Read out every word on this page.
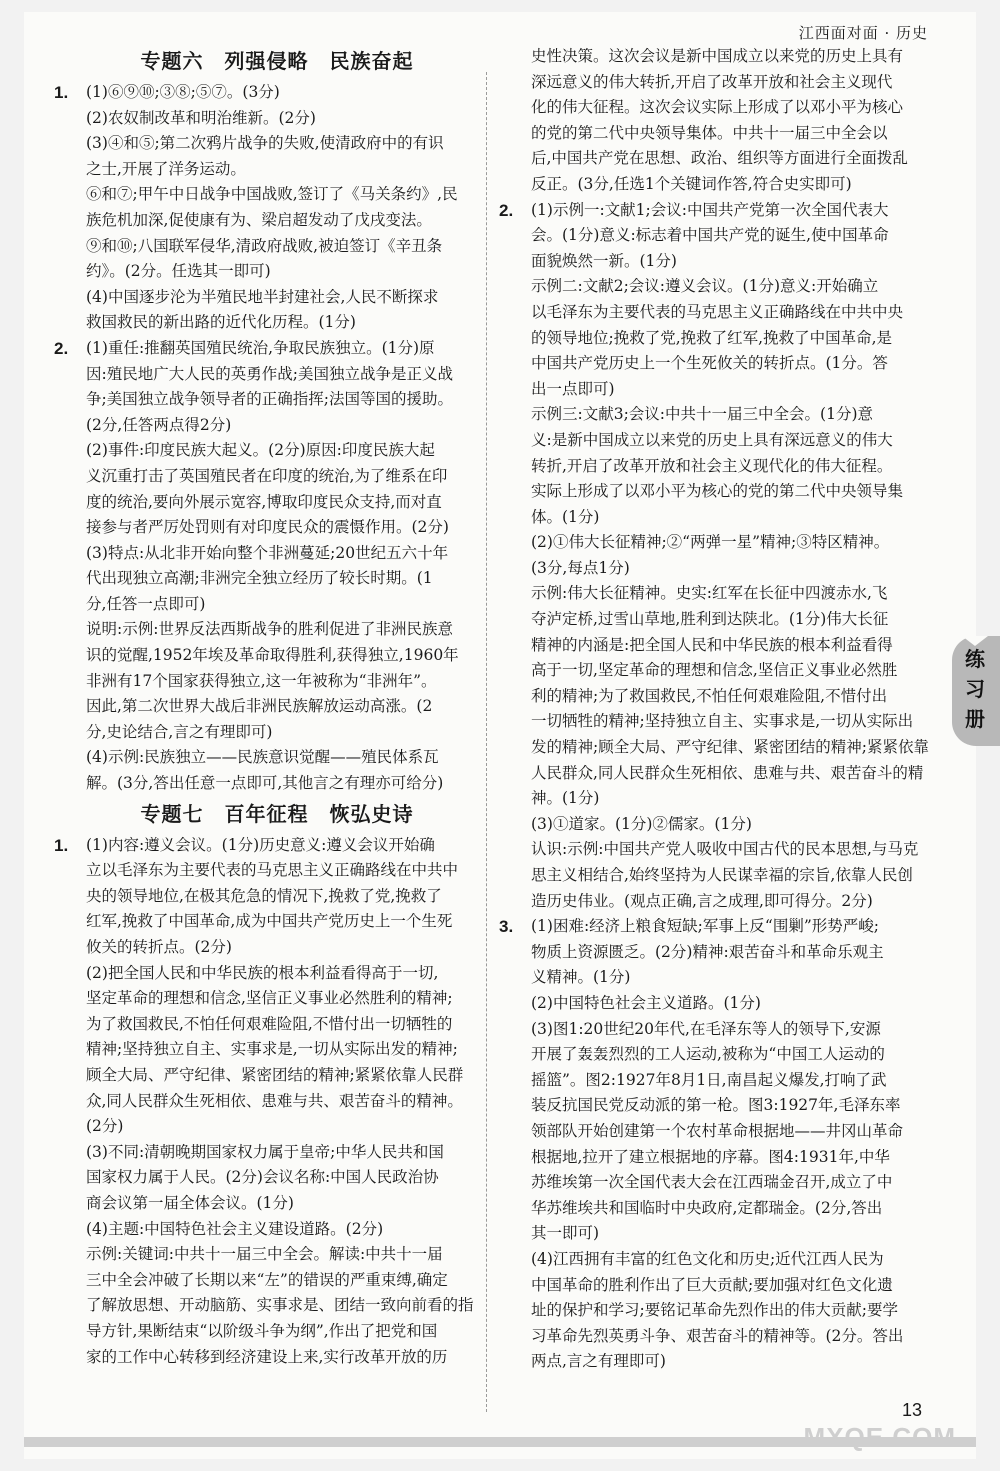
江西面对面 · 历史
专题六　列强侵略　民族奋起
1. (1)⑥⑨⑩;③⑧;⑤⑦。(3分)
(2)农奴制改革和明治维新。(2分)
(3)④和⑤;第二次鸦片战争的失败,使清政府中的有识
之士,开展了洋务运动。
⑥和⑦;甲午中日战争中国战败,签订了《马关条约》,民
族危机加深,促使康有为、梁启超发动了戊戌变法。
⑨和⑩;八国联军侵华,清政府战败,被迫签订《辛丑条
约》。(2分。任选其一即可)
(4)中国逐步沦为半殖民地半封建社会,人民不断探求
救国救民的新出路的近代化历程。(1分)
2. (1)重任:推翻英国殖民统治,争取民族独立。(1分)原
因:殖民地广大人民的英勇作战;美国独立战争是正义战
争;美国独立战争领导者的正确指挥;法国等国的援助。
(2分,任答两点得2分)
(2)事件:印度民族大起义。(2分)原因:印度民族大起
义沉重打击了英国殖民者在印度的统治,为了维系在印
度的统治,要向外展示宽容,博取印度民众支持,而对直
接参与者严厉处罚则有对印度民众的震慑作用。(2分)
(3)特点:从北非开始向整个非洲蔓延;20世纪五六十年
代出现独立高潮;非洲完全独立经历了较长时期。(1
分,任答一点即可)
说明:示例:世界反法西斯战争的胜利促进了非洲民族意
识的觉醒,1952年埃及革命取得胜利,获得独立,1960年
非洲有17个国家获得独立,这一年被称为“非洲年”。
因此,第二次世界大战后非洲民族解放运动高涨。(2
分,史论结合,言之有理即可)
(4)示例:民族独立——民族意识觉醒——殖民体系瓦
解。(3分,答出任意一点即可,其他言之有理亦可给分)
专题七　百年征程　恢弘史诗
1. (1)内容:遵义会议。(1分)历史意义:遵义会议开始确
立以毛泽东为主要代表的马克思主义正确路线在中共中
央的领导地位,在极其危急的情况下,挽救了党,挽救了
红军,挽救了中国革命,成为中国共产党历史上一个生死
攸关的转折点。(2分)
(2)把全国人民和中华民族的根本利益看得高于一切,
坚定革命的理想和信念,坚信正义事业必然胜利的精神;
为了救国救民,不怕任何艰难险阻,不惜付出一切牺牲的
精神;坚持独立自主、实事求是,一切从实际出发的精神;
顾全大局、严守纪律、紧密团结的精神;紧紧依靠人民群
众,同人民群众生死相依、患难与共、艰苦奋斗的精神。
(2分)
(3)不同:清朝晚期国家权力属于皇帝;中华人民共和国
国家权力属于人民。(2分)会议名称:中国人民政治协
商会议第一届全体会议。(1分)
(4)主题:中国特色社会主义建设道路。(2分)
示例:关键词:中共十一届三中全会。解读:中共十一届
三中全会冲破了长期以来“左”的错误的严重束缚,确定
了解放思想、开动脑筋、实事求是、团结一致向前看的指
导方针,果断结束“以阶级斗争为纲”,作出了把党和国
家的工作中心转移到经济建设上来,实行改革开放的历
史性决策。这次会议是新中国成立以来党的历史上具有
深远意义的伟大转折,开启了改革开放和社会主义现代
化的伟大征程。这次会议实际上形成了以邓小平为核心
的党的第二代中央领导集体。中共十一届三中全会以
后,中国共产党在思想、政治、组织等方面进行全面拨乱
反正。(3分,任选1个关键词作答,符合史实即可)
2. (1)示例一:文献1;会议:中国共产党第一次全国代表大
会。(1分)意义:标志着中国共产党的诞生,使中国革命
面貌焕然一新。(1分)
示例二:文献2;会议:遵义会议。(1分)意义:开始确立
以毛泽东为主要代表的马克思主义正确路线在中共中央
的领导地位;挽救了党,挽救了红军,挽救了中国革命,是
中国共产党历史上一个生死攸关的转折点。(1分。答
出一点即可)
示例三:文献3;会议:中共十一届三中全会。(1分)意
义:是新中国成立以来党的历史上具有深远意义的伟大
转折,开启了改革开放和社会主义现代化的伟大征程。
实际上形成了以邓小平为核心的党的第二代中央领导集
体。(1分)
(2)①伟大长征精神;②“两弹一星”精神;③特区精神。
(3分,每点1分)
示例:伟大长征精神。史实:红军在长征中四渡赤水,飞
夺泸定桥,过雪山草地,胜利到达陕北。(1分)伟大长征
精神的内涵是:把全国人民和中华民族的根本利益看得
高于一切,坚定革命的理想和信念,坚信正义事业必然胜
利的精神;为了救国救民,不怕任何艰难险阻,不惜付出
一切牺牲的精神;坚持独立自主、实事求是,一切从实际出
发的精神;顾全大局、严守纪律、紧密团结的精神;紧紧依靠
人民群众,同人民群众生死相依、患难与共、艰苦奋斗的精
神。(1分)
(3)①道家。(1分)②儒家。(1分)
认识:示例:中国共产党人吸收中国古代的民本思想,与马克
思主义相结合,始终坚持为人民谋幸福的宗旨,依靠人民创
造历史伟业。(观点正确,言之成理,即可得分。2分)
3. (1)困难:经济上粮食短缺;军事上反“围剿”形势严峻;
物质上资源匮乏。(2分)精神:艰苦奋斗和革命乐观主
义精神。(1分)
(2)中国特色社会主义道路。(1分)
(3)图1:20世纪20年代,在毛泽东等人的领导下,安源
开展了轰轰烈烈的工人运动,被称为“中国工人运动的
摇篮”。图2:1927年8月1日,南昌起义爆发,打响了武
装反抗国民党反动派的第一枪。图3:1927年,毛泽东率
领部队开始创建第一个农村革命根据地——井冈山革命
根据地,拉开了建立根据地的序幕。图4:1931年,中华
苏维埃第一次全国代表大会在江西瑞金召开,成立了中
华苏维埃共和国临时中央政府,定都瑞金。(2分,答出
其一即可)
(4)江西拥有丰富的红色文化和历史;近代江西人民为
中国革命的胜利作出了巨大贡献;要加强对红色文化遗
址的保护和学习;要铭记革命先烈作出的伟大贡献;要学
习革命先烈英勇斗争、艰苦奋斗的精神等。(2分。答出
两点,言之有理即可)
练
习
册
13
